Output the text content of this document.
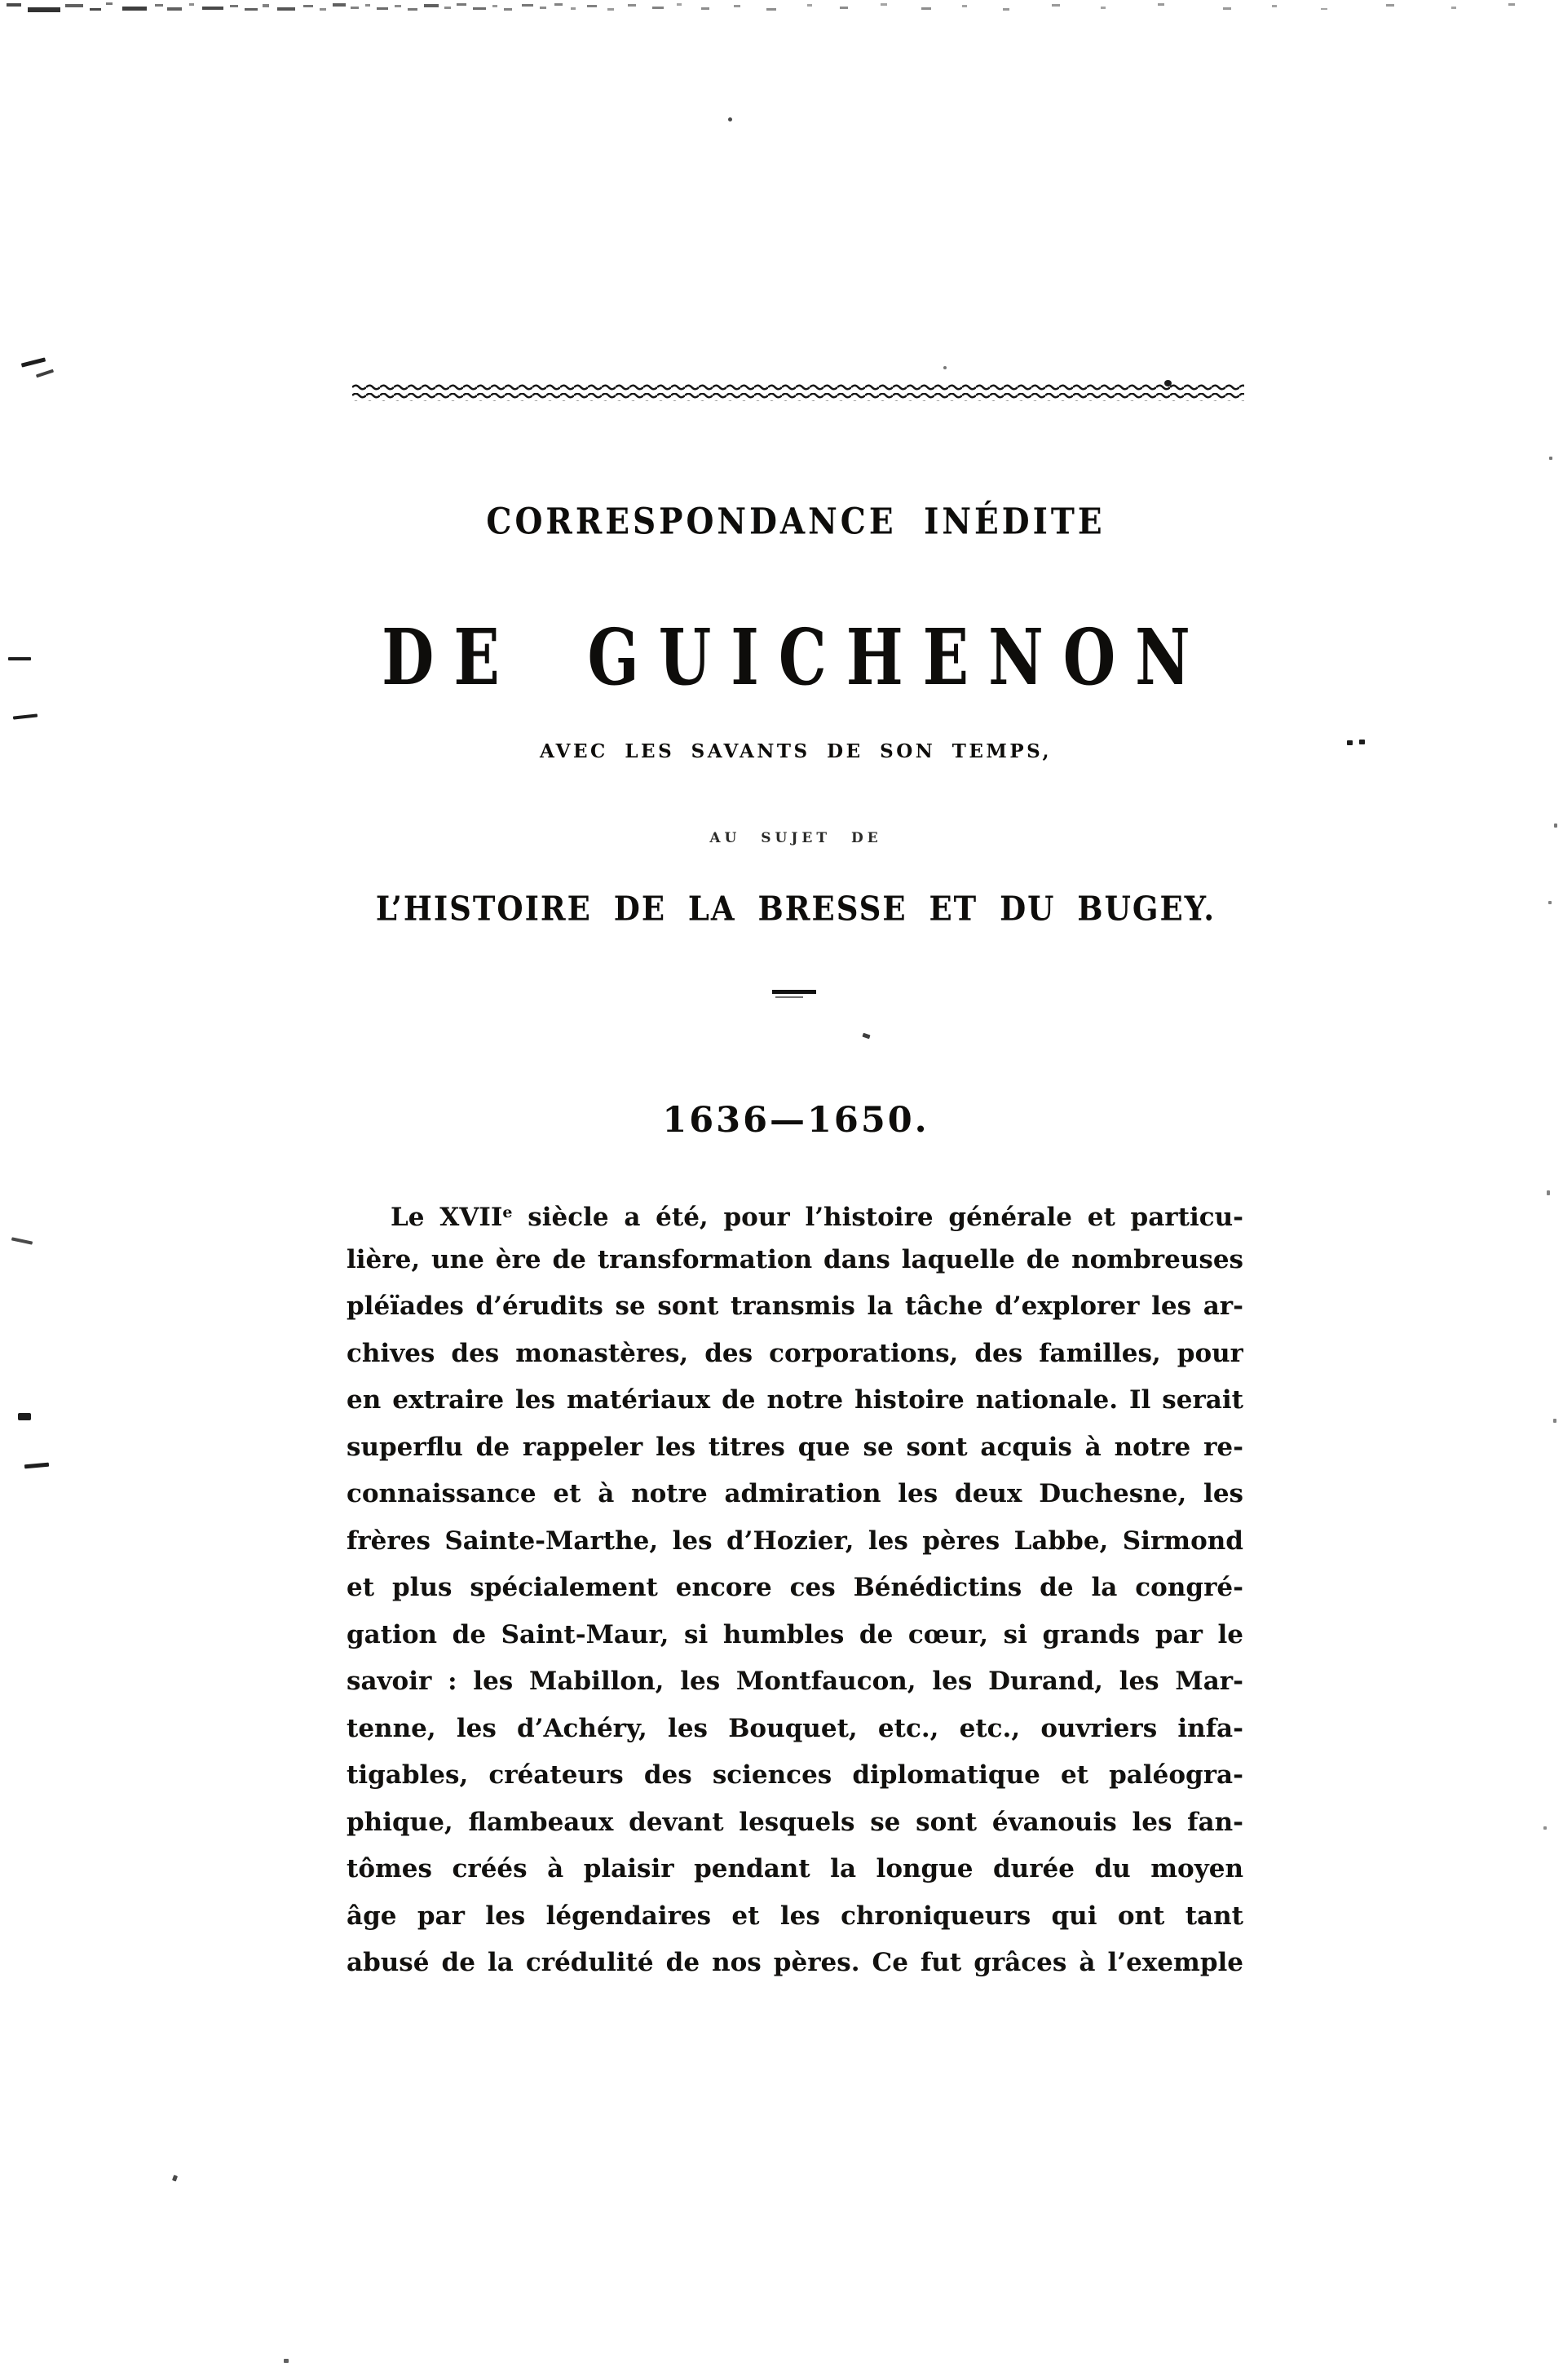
CORRESPONDANCE INÉDITE
DE GUICHENON
AVEC LES SAVANTS DE SON TEMPS,
AU SUJET DE
L’HISTOIRE DE LA BRESSE ET DU BUGEY.
1636—1650.
Le XVIIe siècle a été, pour l’histoire générale et particu-
lière, une ère de transformation dans laquelle de nombreuses
pléïades d’érudits se sont transmis la tâche d’explorer les ar-
chives des monastères, des corporations, des familles, pour
en extraire les matériaux de notre histoire nationale. Il serait
superflu de rappeler les titres que se sont acquis à notre re-
connaissance et à notre admiration les deux Duchesne, les
frères Sainte-Marthe, les d’Hozier, les pères Labbe, Sirmond
et plus spécialement encore ces Bénédictins de la congré-
gation de Saint-Maur, si humbles de cœur, si grands par le
savoir : les Mabillon, les Montfaucon, les Durand, les Mar-
tenne, les d’Achéry, les Bouquet, etc., etc., ouvriers infa-
tigables, créateurs des sciences diplomatique et paléogra-
phique, flambeaux devant lesquels se sont évanouis les fan-
tômes créés à plaisir pendant la longue durée du moyen
âge par les légendaires et les chroniqueurs qui ont tant
abusé de la crédulité de nos pères. Ce fut grâces à l’exemple
